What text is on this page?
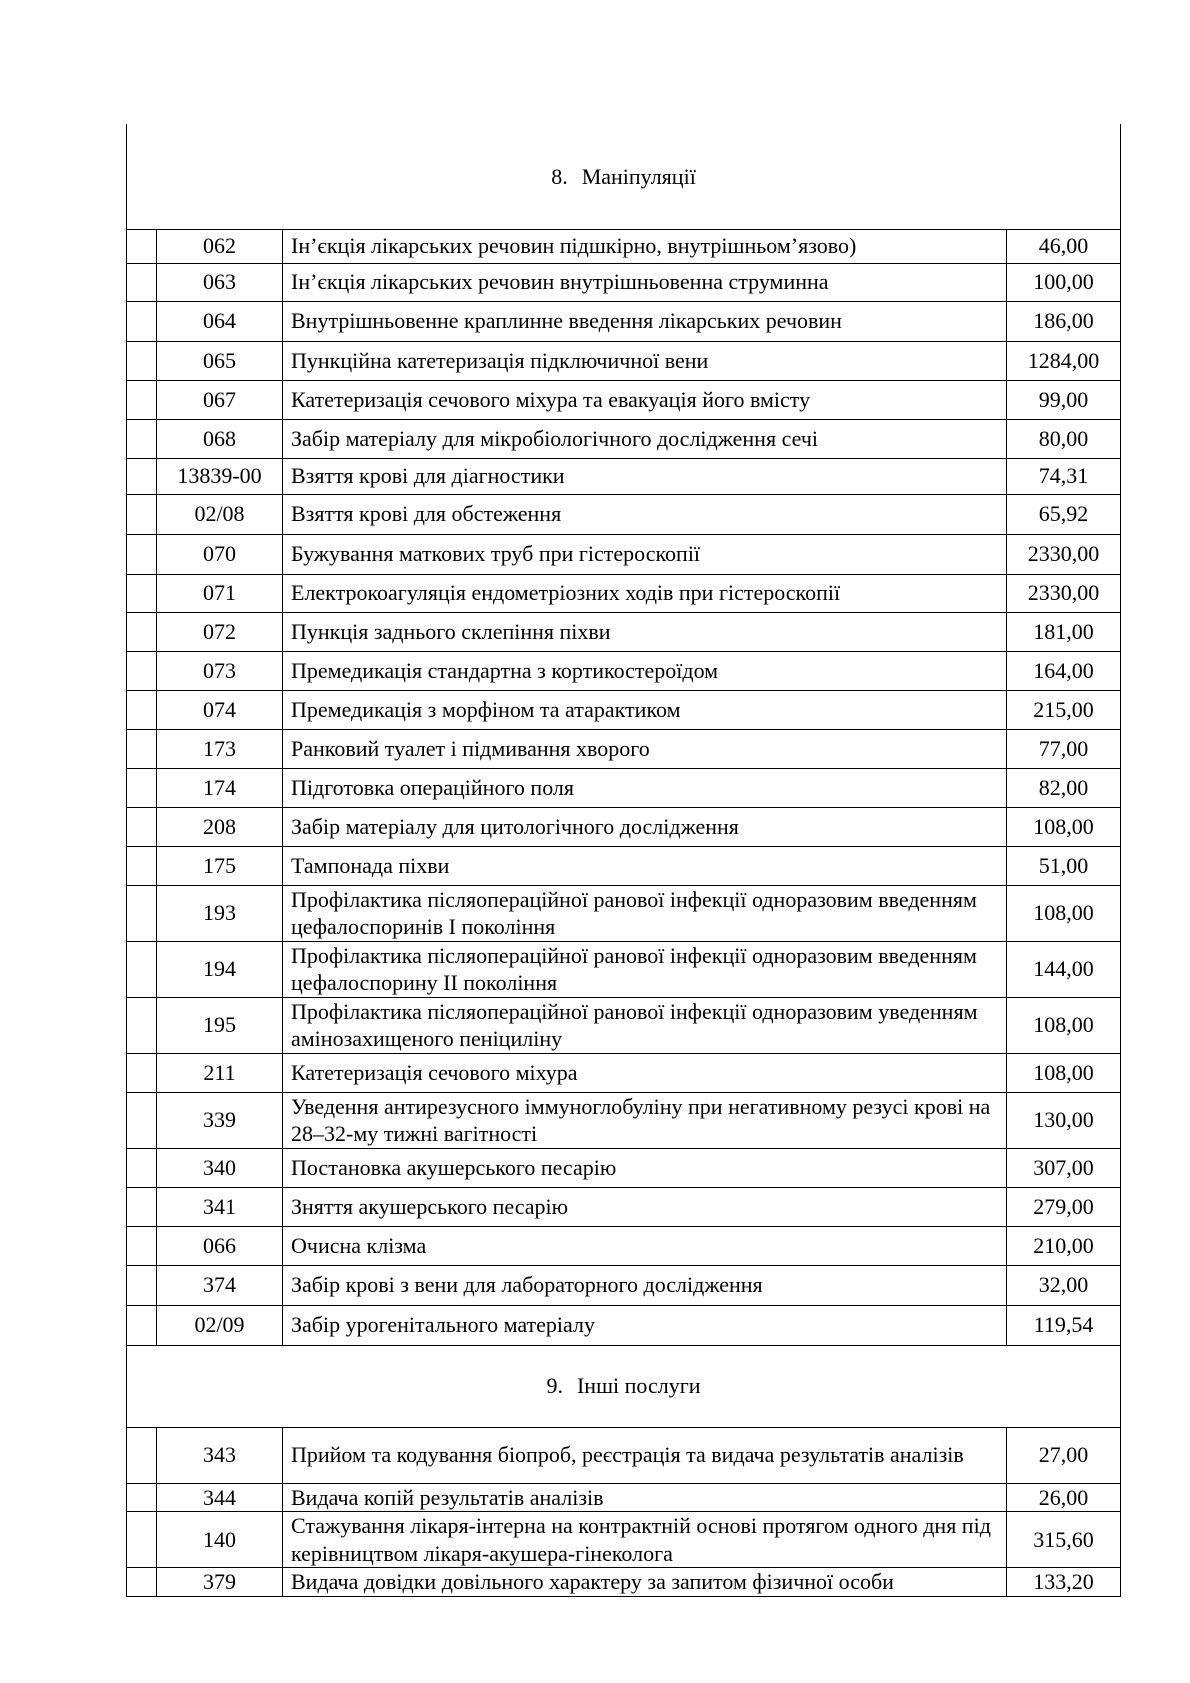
8. Маніпуляції			
	062	Ін’єкція лікарських речовин підшкірно, внутрішньом’язово)	46,00
	063	Ін’єкція лікарських речовин внутрішньовенна струминна	100,00
	064	Внутрішньовенне краплинне введення лікарських речовин	186,00
	065	Пункційна катетеризація підключичної вени	1284,00
	067	Катетеризація сечового міхура та евакуація його вмісту	99,00
	068	Забір матеріалу для мікробіологічного дослідження сечі	80,00
	13839-00	Взяття крові для діагностики	74,31
	02/08	Взяття крові для обстеження	65,92
	070	Бужування маткових труб при гістероскопії	2330,00
	071	Електрокоагуляція ендометріозних ходів при гістероскопії	2330,00
	072	Пункція заднього склепіння піхви	181,00
	073	Премедикація стандартна з кортикостероїдом	164,00
	074	Премедикація з морфіном та атарактиком	215,00
	173	Ранковий туалет і підмивання хворого	77,00
	174	Підготовка операційного поля	82,00
	208	Забір матеріалу для цитологічного дослідження	108,00
	175	Тампонада піхви	51,00
	193	Профілактика післяопераційної ранової інфекції одноразовим введенням цефалоспоринів І покоління	108,00
	194	Профілактика післяопераційної ранової інфекції одноразовим введенням цефалоспорину ІІ покоління	144,00
	195	Профілактика післяопераційної ранової інфекції одноразовим уведенням амінозахищеного пеніциліну	108,00
	211	Катетеризація сечового міхура	108,00
	339	Уведення антирезусного іммуноглобуліну при негативному резусі крові на 28–32-му тижні вагітності	130,00
	340	Постановка акушерського песарію	307,00
	341	Зняття акушерського песарію	279,00
	066	Очисна клізма	210,00
	374	Забір крові з вени для лабораторного дослідження	32,00
	02/09	Забір урогенітального матеріалу	119,54
9. Інші послуги			
	343	Прийом та кодування біопроб, реєстрація та видача результатів аналізів	27,00
	344	Видача копій результатів аналізів	26,00
	140	Стажування лікаря-інтерна на контрактній основі протягом одного дня під керівництвом лікаря-акушера-гінеколога	315,60
	379	Видача довідки довільного характеру за запитом фізичної особи	133,20
